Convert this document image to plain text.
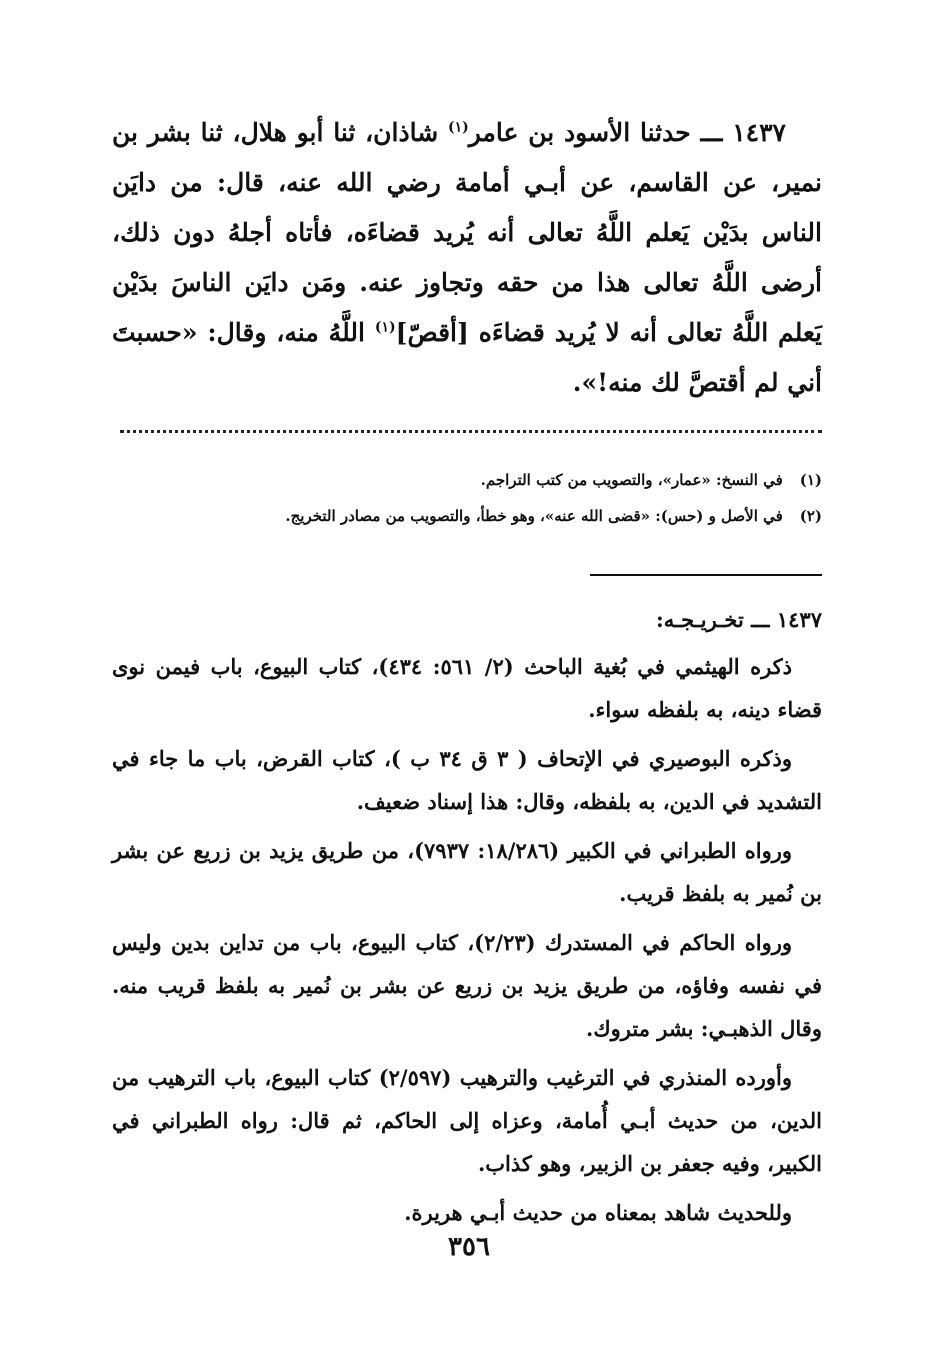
١٤٣٧ ـــ حدثنا الأسود بن عامر$^{(١)}$ شاذان، ثنا أبو هلال، ثنا بشر بن نمير، عن القاسم، عن أبـي أمامة رضي الله عنه، قال: من دايَن الناس بدَيْن يَعلم اللَّهُ تعالى أنه يُريد قضاءَه، فأتاه أجلهُ دون ذلك، أرضى اللَّهُ تعالى هذا من حقه وتجاوز عنه. ومَن دايَن الناسَ بدَيْن يَعلم اللَّهُ تعالى أنه لا يُريد قضاءَه [أقصّ]$^{(١)}$ اللَّهُ منه، وقال: «حسبتَ أني لم أقتصَّ لك منه!».

(١) في النسخ: «عمار»، والتصويب من كتب التراجم.
(٢) في الأصل و (حس): «قضى الله عنه»، وهو خطأ، والتصويب من مصادر التخريج.
١٤٣٧ ـــ تخـريـجـه:

ذكره الهيثمي في بُغية الباحث (٢/ ٥٦١: ٤٣٤)، كتاب البيوع، باب فيمن نوى قضاء دينه، به بلفظه سواء.

وذكره البوصيري في الإتحاف ( ٣ ق ٣٤ ب )، كتاب القرض، باب ما جاء في التشديد في الدين، به بلفظه، وقال: هذا إسناد ضعيف.

ورواه الطبراني في الكبير (١٨/٢٨٦: ٧٩٣٧)، من طريق يزيد بن زريع عن بشر بن نُمير به بلفظ قريب.

ورواه الحاكم في المستدرك (٢/٢٣)، كتاب البيوع، باب من تداين بدين وليس في نفسه وفاؤه، من طريق يزيد بن زريع عن بشر بن نُمير به بلفظ قريب منه. وقال الذهبـي: بشر متروك.

وأورده المنذري في الترغيب والترهيب (٢/٥٩٧) كتاب البيوع، باب الترهيب من الدين، من حديث أبـي أُمامة، وعزاه إلى الحاكم، ثم قال: رواه الطبراني في الكبير، وفيه جعفر بن الزبير، وهو كذاب.

وللحديث شاهد بمعناه من حديث أبـي هريرة.

٣٥٦
